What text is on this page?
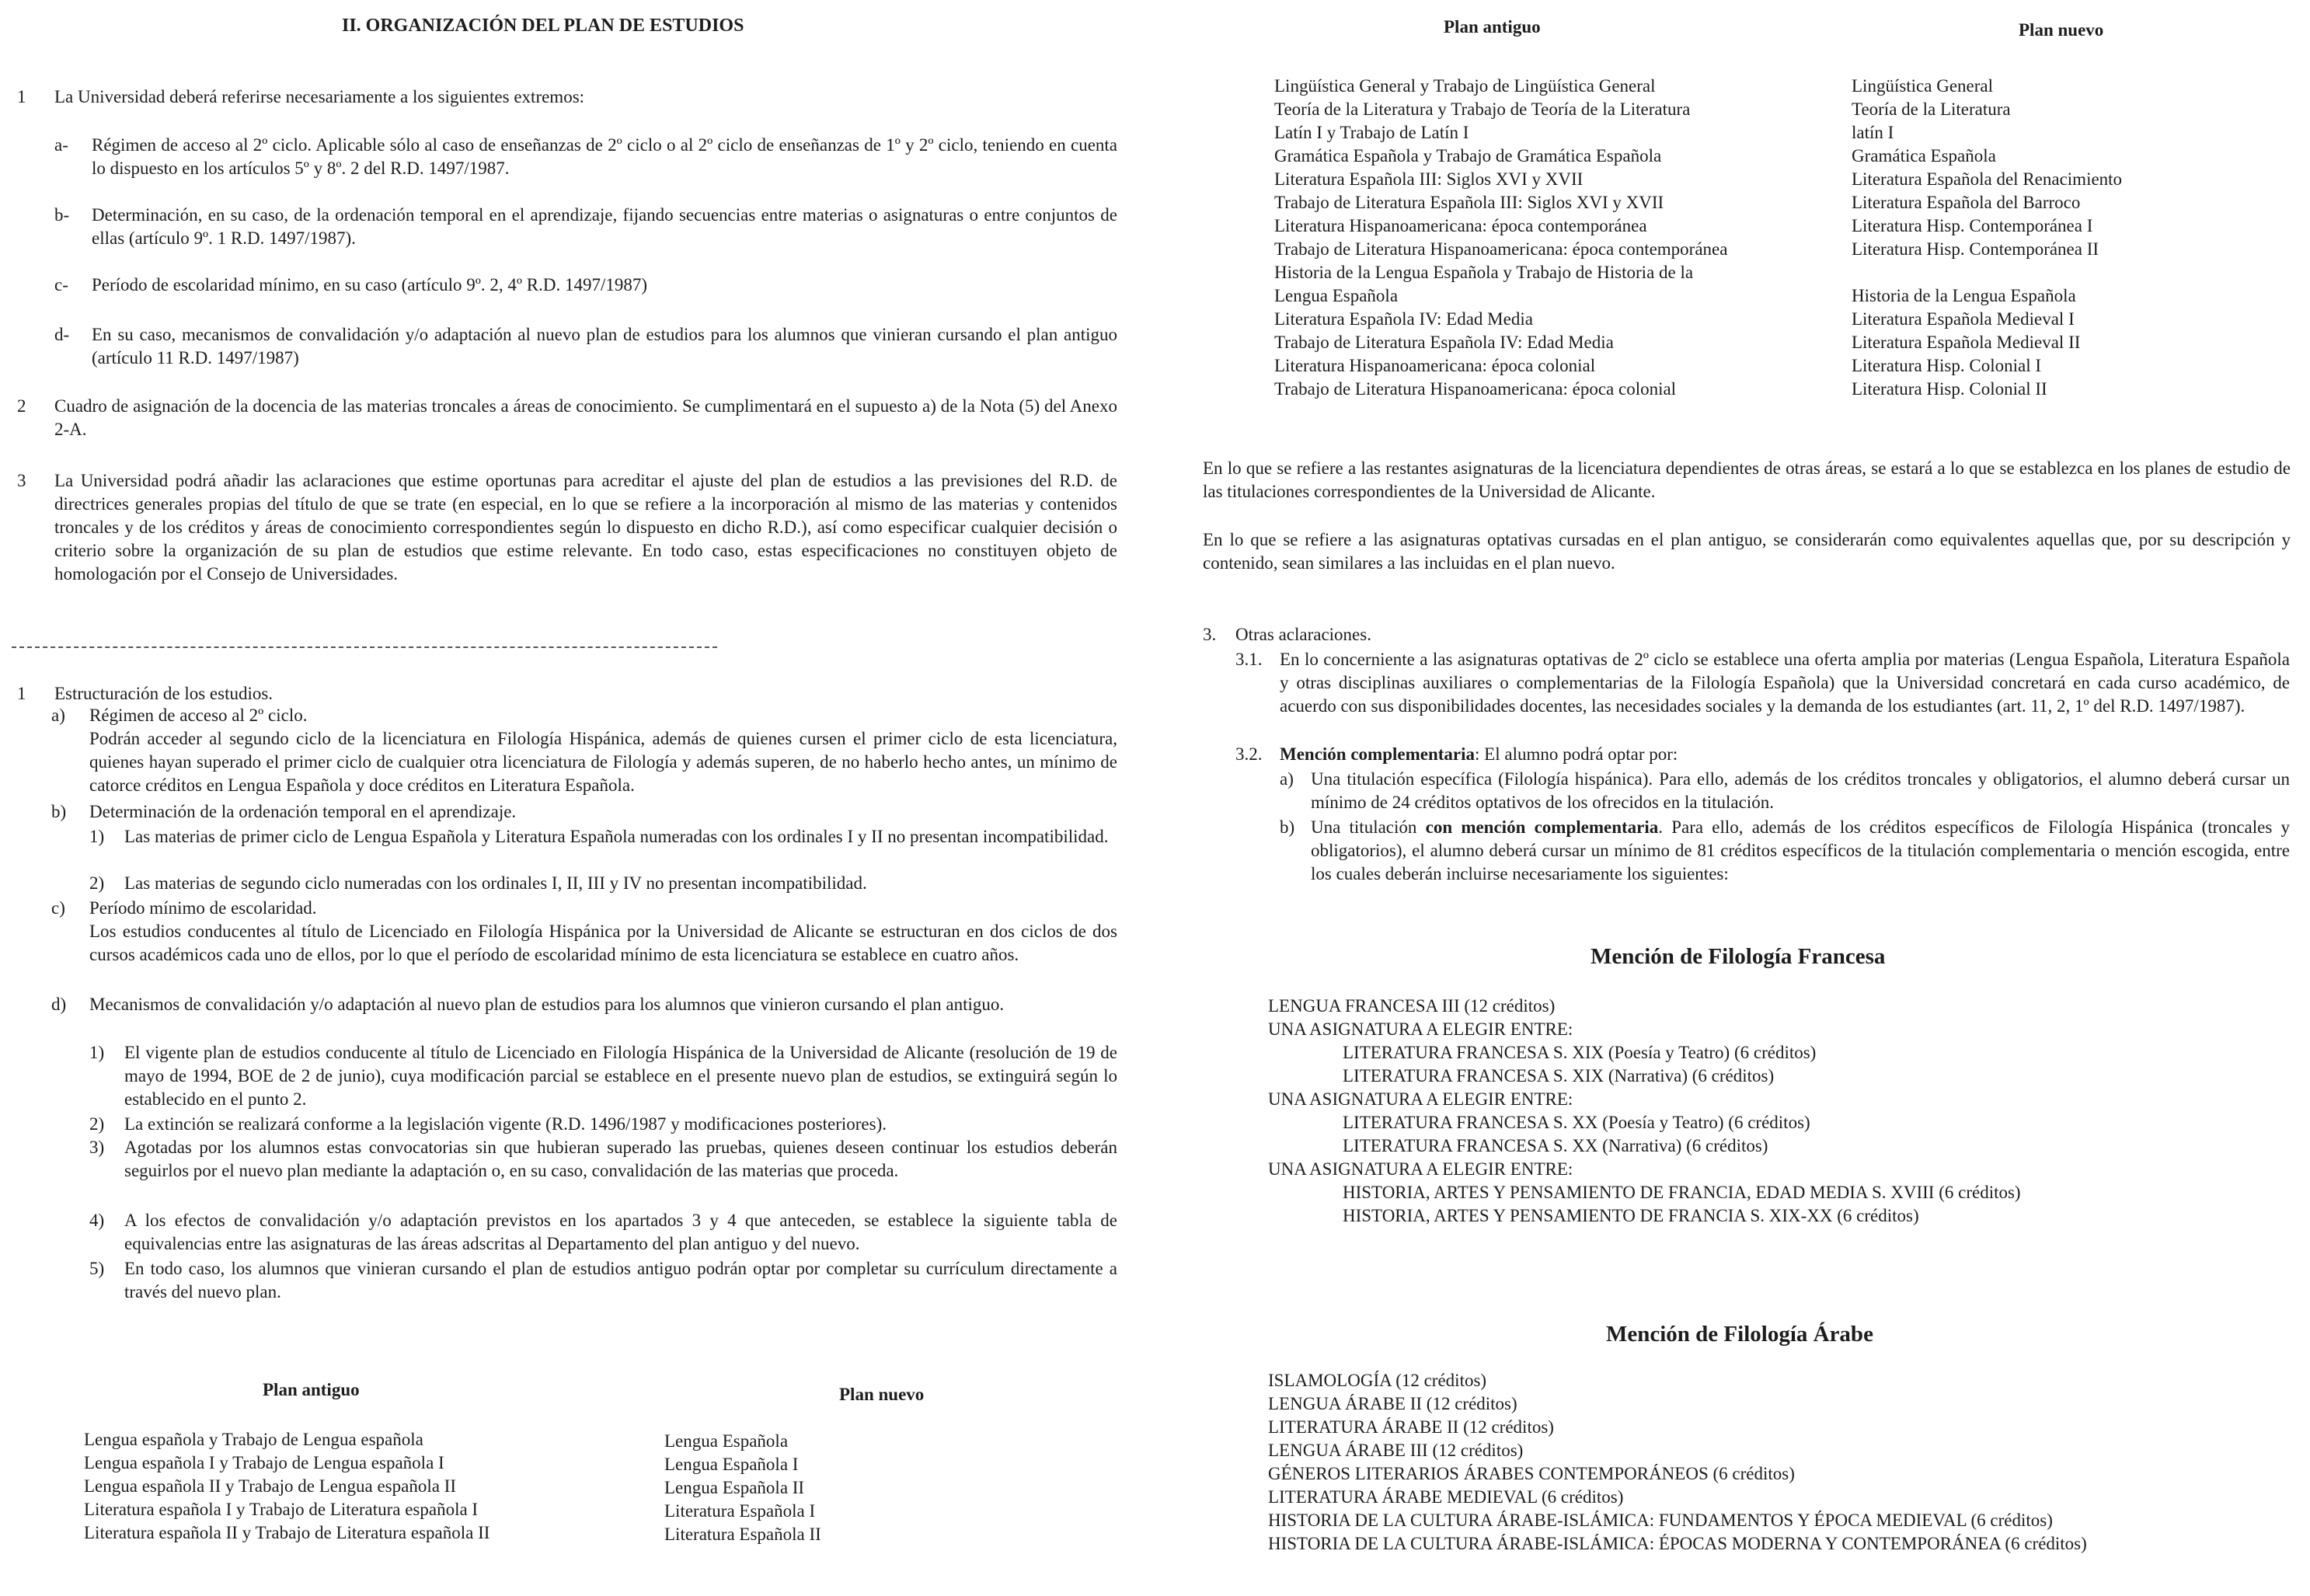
II. ORGANIZACIÓN DEL PLAN DE ESTUDIOS
1 La Universidad deberá referirse necesariamente a los siguientes extremos:
a- Régimen de acceso al 2º ciclo. Aplicable sólo al caso de enseñanzas de 2º ciclo o al 2º ciclo de enseñanzas de 1º y 2º ciclo, teniendo en cuenta lo dispuesto en los artículos 5º y 8º. 2 del R.D. 1497/1987.
b- Determinación, en su caso, de la ordenación temporal en el aprendizaje, fijando secuencias entre materias o asignaturas o entre conjuntos de ellas (artículo 9º. 1 R.D. 1497/1987).
c- Período de escolaridad mínimo, en su caso (artículo 9º. 2, 4º R.D. 1497/1987)
d- En su caso, mecanismos de convalidación y/o adaptación al nuevo plan de estudios para los alumnos que vinieran cursando el plan antiguo (artículo 11 R.D. 1497/1987)
2 Cuadro de asignación de la docencia de las materias troncales a áreas de conocimiento. Se cumplimentará en el supuesto a) de la Nota (5) del Anexo 2-A.
3 La Universidad podrá añadir las aclaraciones que estime oportunas para acreditar el ajuste del plan de estudios a las previsiones del R.D. de directrices generales propias del título de que se trate (en especial, en lo que se refiere a la incorporación al mismo de las materias y contenidos troncales y de los créditos y áreas de conocimiento correspondientes según lo dispuesto en dicho R.D.), así como especificar cualquier decisión o criterio sobre la organización de su plan de estudios que estime relevante. En todo caso, estas especificaciones no constituyen objeto de homologación por el Consejo de Universidades.
1 Estructuración de los estudios.
a) Régimen de acceso al 2º ciclo.
Podrán acceder al segundo ciclo de la licenciatura en Filología Hispánica, además de quienes cursen el primer ciclo de esta licenciatura, quienes hayan superado el primer ciclo de cualquier otra licenciatura de Filología y además superen, de no haberlo hecho antes, un mínimo de catorce créditos en Lengua Española y doce créditos en Literatura Española.
b) Determinación de la ordenación temporal en el aprendizaje.
1) Las materias de primer ciclo de Lengua Española y Literatura Española numeradas con los ordinales I y II no presentan incompatibilidad.
2) Las materias de segundo ciclo numeradas con los ordinales I, II, III y IV no presentan incompatibilidad.
c) Período mínimo de escolaridad.
Los estudios conducentes al título de Licenciado en Filología Hispánica por la Universidad de Alicante se estructuran en dos ciclos de dos cursos académicos cada uno de ellos, por lo que el período de escolaridad mínimo de esta licenciatura se establece en cuatro años.
d) Mecanismos de convalidación y/o adaptación al nuevo plan de estudios para los alumnos que vinieron cursando el plan antiguo.
1) El vigente plan de estudios conducente al título de Licenciado en Filología Hispánica de la Universidad de Alicante (resolución de 19 de mayo de 1994, BOE de 2 de junio), cuya modificación parcial se establece en el presente nuevo plan de estudios, se extinguirá según lo establecido en el punto 2.
2) La extinción se realizará conforme a la legislación vigente (R.D. 1496/1987 y modificaciones posteriores).
3) Agotadas por los alumnos estas convocatorias sin que hubieran superado las pruebas, quienes deseen continuar los estudios deberán seguirlos por el nuevo plan mediante la adaptación o, en su caso, convalidación de las materias que proceda.
4) A los efectos de convalidación y/o adaptación previstos en los apartados 3 y 4 que anteceden, se establece la siguiente tabla de equivalencias entre las asignaturas de las áreas adscritas al Departamento del plan antiguo y del nuevo.
5) En todo caso, los alumnos que vinieran cursando el plan de estudios antiguo podrán optar por completar su currículum directamente a través del nuevo plan.
Plan antiguo	Plan nuevo
Lengua española y Trabajo de Lengua española
Lengua española I y Trabajo de Lengua española I
Lengua española II y Trabajo de Lengua española II
Literatura española I y Trabajo de Literatura española I
Literatura española II y Trabajo de Literatura española II
Lengua Española
Lengua Española I
Lengua Española II
Literatura Española I
Literatura Española II
Plan antiguo	Plan nuevo
Lingüística General y Trabajo de Lingüística General
Teoría de la Literatura y Trabajo de Teoría de la Literatura
Latín I y Trabajo de Latín I
Gramática Española y Trabajo de Gramática Española
Literatura Española III: Siglos XVI y XVII
Trabajo de Literatura Española III: Siglos XVI y XVII
Literatura Hispanoamericana: época contemporánea
Trabajo de Literatura Hispanoamericana: época contemporánea
Historia de la Lengua Española y Trabajo de Historia de la
Lengua Española
Literatura Española IV: Edad Media
Trabajo de Literatura Española IV: Edad Media
Literatura Hispanoamericana: época colonial
Trabajo de Literatura Hispanoamericana: época colonial
Lingüística General
Teoría de la Literatura
latín I
Gramática Española
Literatura Española del Renacimiento
Literatura Española del Barroco
Literatura Hisp. Contemporánea I
Literatura Hisp. Contemporánea II

Historia de la Lengua Española
Literatura Española Medieval I
Literatura Española Medieval II
Literatura Hisp. Colonial I
Literatura Hisp. Colonial II
En lo que se refiere a las restantes asignaturas de la licenciatura dependientes de otras áreas, se estará a lo que se establezca en los planes de estudio de las titulaciones correspondientes de la Universidad de Alicante.
En lo que se refiere a las asignaturas optativas cursadas en el plan antiguo, se considerarán como equivalentes aquellas que, por su descripción y contenido, sean similares a las incluidas en el plan nuevo.
3. Otras aclaraciones.
3.1. En lo concerniente a las asignaturas optativas de 2º ciclo se establece una oferta amplia por materias (Lengua Española, Literatura Española y otras disciplinas auxiliares o complementarias de la Filología Española) que la Universidad concretará en cada curso académico, de acuerdo con sus disponibilidades docentes, las necesidades sociales y la demanda de los estudiantes (art. 11, 2, 1º del R.D. 1497/1987).
3.2. Mención complementaria: El alumno podrá optar por:
a) Una titulación específica (Filología hispánica). Para ello, además de los créditos troncales y obligatorios, el alumno deberá cursar un mínimo de 24 créditos optativos de los ofrecidos en la titulación.
b) Una titulación con mención complementaria. Para ello, además de los créditos específicos de Filología Hispánica (troncales y obligatorios), el alumno deberá cursar un mínimo de 81 créditos específicos de la titulación complementaria o mención escogida, entre los cuales deberán incluirse necesariamente los siguientes:
Mención de Filología Francesa
LENGUA FRANCESA III (12 créditos)
UNA ASIGNATURA A ELEGIR ENTRE:
LITERATURA FRANCESA S. XIX (Poesía y Teatro) (6 créditos)
LITERATURA FRANCESA S. XIX (Narrativa) (6 créditos)
UNA ASIGNATURA A ELEGIR ENTRE:
LITERATURA FRANCESA S. XX (Poesía y Teatro) (6 créditos)
LITERATURA FRANCESA S. XX (Narrativa) (6 créditos)
UNA ASIGNATURA A ELEGIR ENTRE:
HISTORIA, ARTES Y PENSAMIENTO DE FRANCIA, EDAD MEDIA S. XVIII (6 créditos)
HISTORIA, ARTES Y PENSAMIENTO DE FRANCIA S. XIX-XX (6 créditos)
Mención de Filología Árabe
ISLAMOLOGÍA (12 créditos)
LENGUA ÁRABE II (12 créditos)
LITERATURA ÁRABE II (12 créditos)
LENGUA ÁRABE III (12 créditos)
GÉNEROS LITERARIOS ÁRABES CONTEMPORÁNEOS (6 créditos)
LITERATURA ÁRABE MEDIEVAL (6 créditos)
HISTORIA DE LA CULTURA ÁRABE-ISLÁMICA: FUNDAMENTOS Y ÉPOCA MEDIEVAL (6 créditos)
HISTORIA DE LA CULTURA ÁRABE-ISLÁMICA: ÉPOCAS MODERNA Y CONTEMPORÁNEA (6 créditos)
